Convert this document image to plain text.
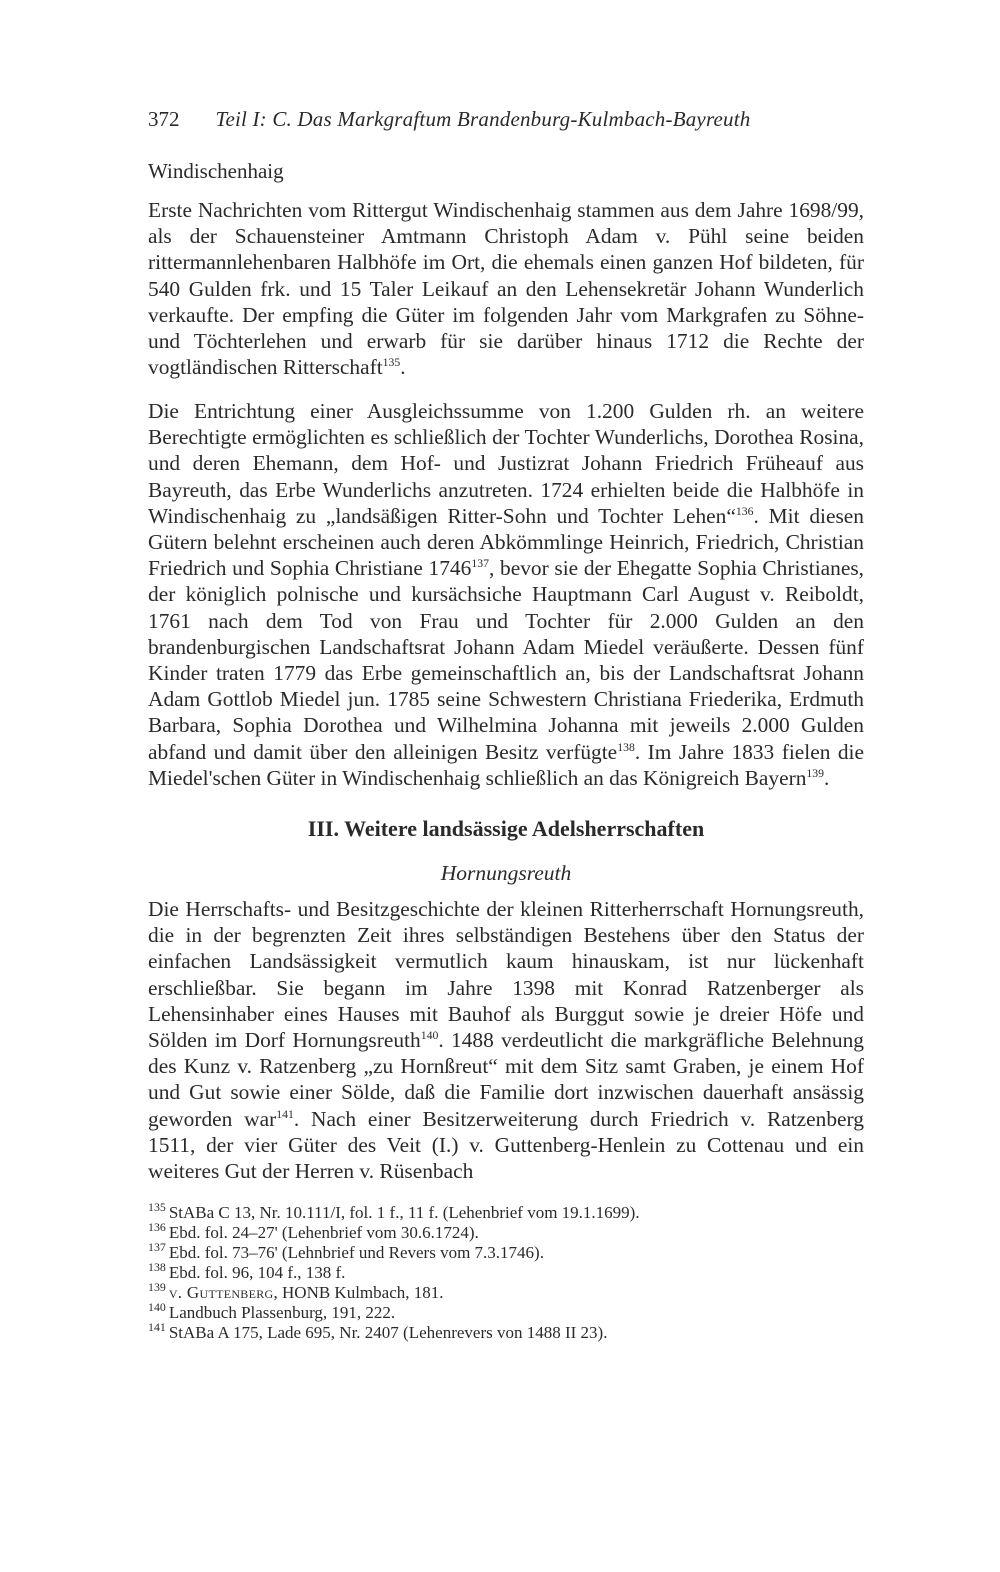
372 Teil I: C. Das Markgraftum Brandenburg-Kulmbach-Bayreuth
Windischenhaig

Erste Nachrichten vom Rittergut Windischenhaig stammen aus dem Jahre 1698/99, als der Schauensteiner Amtmann Christoph Adam v. Pühl seine beiden rittermannlehenbaren Halbhöfe im Ort, die ehemals einen ganzen Hof bildeten, für 540 Gulden frk. und 15 Taler Leikauf an den Lehensekretär Johann Wunderlich verkaufte. Der empfing die Güter im folgenden Jahr vom Markgrafen zu Söhne- und Töchterlehen und erwarb für sie darüber hinaus 1712 die Rechte der vogtländischen Ritterschaft$^{135}$.

Die Entrichtung einer Ausgleichssumme von 1.200 Gulden rh. an weitere Berechtigte ermöglichten es schließlich der Tochter Wunderlichs, Dorothea Rosina, und deren Ehemann, dem Hof- und Justizrat Johann Friedrich Früheauf aus Bayreuth, das Erbe Wunderlichs anzutreten. 1724 erhielten beide die Halbhöfe in Windischenhaig zu „landsäßigen Ritter-Sohn und Tochter Lehen“$^{136}$. Mit diesen Gütern belehnt erscheinen auch deren Abkömmlinge Heinrich, Friedrich, Christian Friedrich und Sophia Christiane 1746$^{137}$, bevor sie der Ehegatte Sophia Christianes, der königlich polnische und kursächsiche Hauptmann Carl August v. Reiboldt, 1761 nach dem Tod von Frau und Tochter für 2.000 Gulden an den brandenburgischen Landschaftsrat Johann Adam Miedel veräußerte. Dessen fünf Kinder traten 1779 das Erbe gemeinschaftlich an, bis der Landschaftsrat Johann Adam Gottlob Miedel jun. 1785 seine Schwestern Christiana Friederika, Erdmuth Barbara, Sophia Dorothea und Wilhelmina Johanna mit jeweils 2.000 Gulden abfand und damit über den alleinigen Besitz verfügte$^{138}$. Im Jahre 1833 fielen die Miedel'schen Güter in Windischenhaig schließlich an das Königreich Bayern$^{139}$.

III. Weitere landsässige Adelsherrschaften
Hornungsreuth

Die Herrschafts- und Besitzgeschichte der kleinen Ritterherrschaft Hornungsreuth, die in der begrenzten Zeit ihres selbständigen Bestehens über den Status der einfachen Landsässigkeit vermutlich kaum hinauskam, ist nur lückenhaft erschließbar. Sie begann im Jahre 1398 mit Konrad Ratzenberger als Lehensinhaber eines Hauses mit Bauhof als Burggut sowie je dreier Höfe und Sölden im Dorf Hornungsreuth$^{140}$. 1488 verdeutlicht die markgräfliche Belehnung des Kunz v. Ratzenberg „zu Hornßreut“ mit dem Sitz samt Graben, je einem Hof und Gut sowie einer Sölde, daß die Familie dort inzwischen dauerhaft ansässig geworden war$^{141}$. Nach einer Besitzerweiterung durch Friedrich v. Ratzenberg 1511, der vier Güter des Veit (I.) v. Guttenberg-Henlein zu Cottenau und ein weiteres Gut der Herren v. Rüsenbach

$^{135}$ StABa C 13, Nr. 10.111/I, fol. 1 f., 11 f. (Lehenbrief vom 19.1.1699).

$^{136}$ Ebd. fol. 24–27' (Lehenbrief vom 30.6.1724).

$^{137}$ Ebd. fol. 73–76' (Lehnbrief und Revers vom 7.3.1746).

$^{138}$ Ebd. fol. 96, 104 f., 138 f.

$^{139}$ v. Guttenberg, HONB Kulmbach, 181.

$^{140}$ Landbuch Plassenburg, 191, 222.

$^{141}$ StABa A 175, Lade 695, Nr. 2407 (Lehenrevers von 1488 II 23).
